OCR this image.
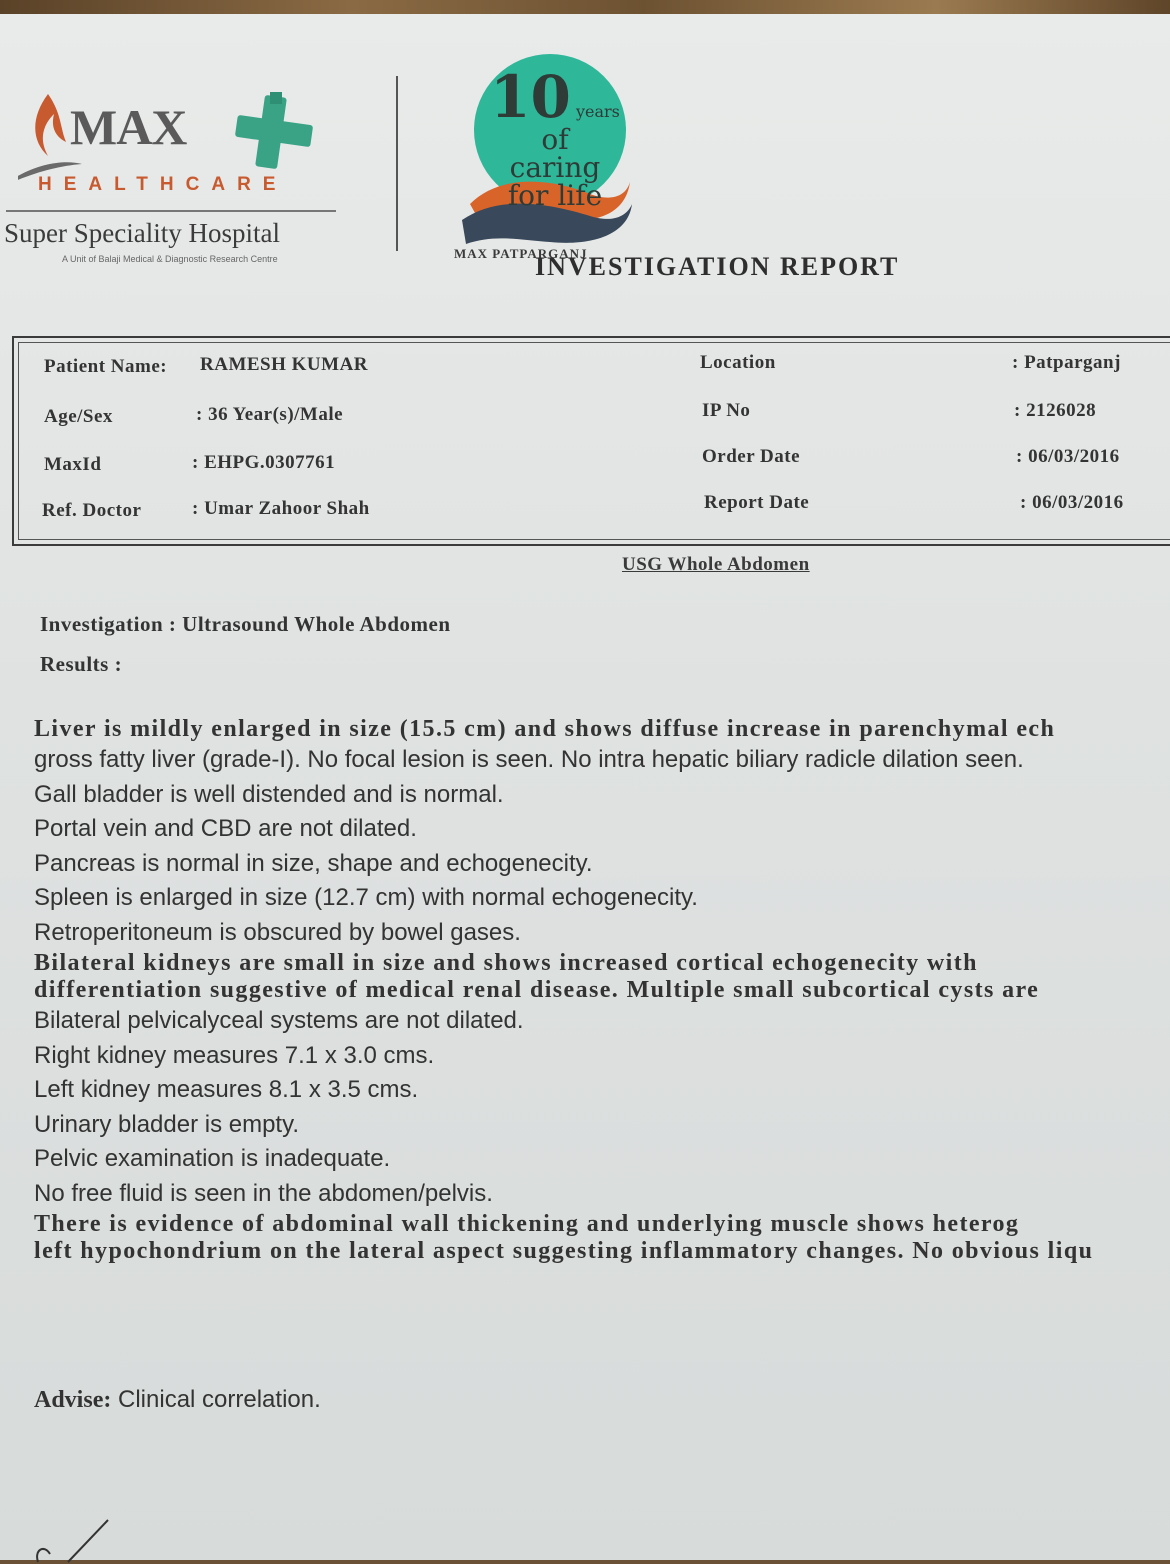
MAX
HEALTHCARE
Super Speciality Hospital
A Unit of Balaji Medical & Diagnostic Research Centre
10 years
of
caring
for life
MAX PATPARGANJ
INVESTIGATION REPORT
Patient Name: RAMESH KUMAR
Age/Sex	: 36 Year(s)/Male
MaxId	: EHPG.0307761
Ref. Doctor	: Umar Zahoor Shah
Location	: Patparganj
IP No	: 2126028
Order Date	: 06/03/2016
Report Date	: 06/03/2016
USG Whole Abdomen
Investigation : Ultrasound Whole Abdomen
Results :
Liver is mildly enlarged in size (15.5 cm) and shows diffuse increase in parenchymal ech
gross fatty liver (grade-I). No focal lesion is seen. No intra hepatic biliary radicle dilation seen.
Gall bladder is well distended and is normal.
Portal vein and CBD are not dilated.
Pancreas is normal in size, shape and echogenecity.
Spleen is enlarged in size (12.7 cm) with normal echogenecity.
Retroperitoneum is obscured by bowel gases.
Bilateral kidneys are small in size and shows increased cortical echogenecity with
differentiation suggestive of medical renal disease. Multiple small subcortical cysts are
Bilateral pelvicalyceal systems are not dilated.
Right kidney measures 7.1 x 3.0 cms.
Left kidney measures 8.1 x 3.5 cms.
Urinary bladder is empty.
Pelvic examination is inadequate.
No free fluid is seen in the abdomen/pelvis.
There is evidence of abdominal wall thickening and underlying muscle shows heterog
left hypochondrium on the lateral aspect suggesting inflammatory changes. No obvious liqu
Advise: Clinical correlation.
